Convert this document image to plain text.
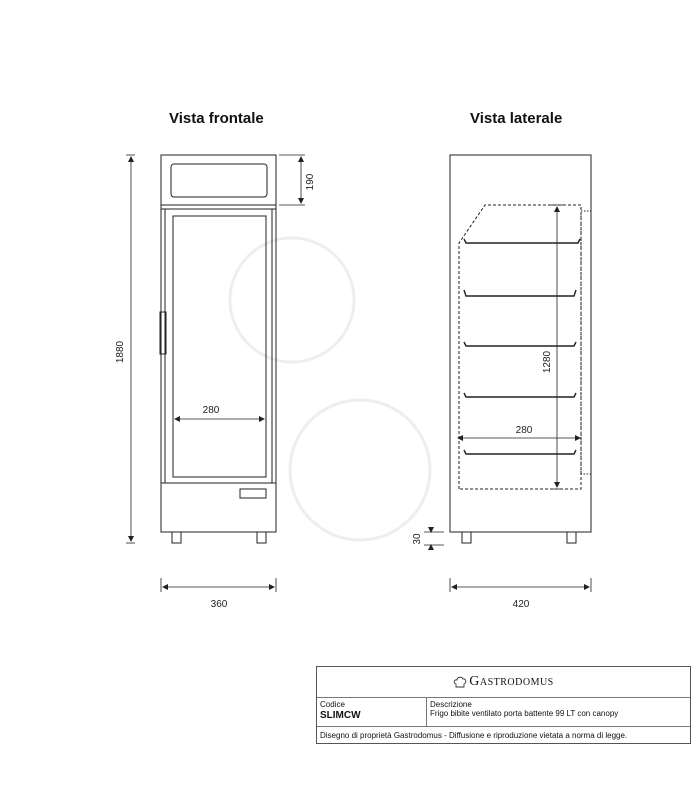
Vista frontale	Vista laterale
1880
190
280
360
1280
280
30
420
Gastrodomus
Codice
SLIMCW
Descrizione
Frigo bibite ventilato porta battente 99 LT con canopy
Disegno di proprietà Gastrodomus - Diffusione e riproduzione vietata a norma di legge.
